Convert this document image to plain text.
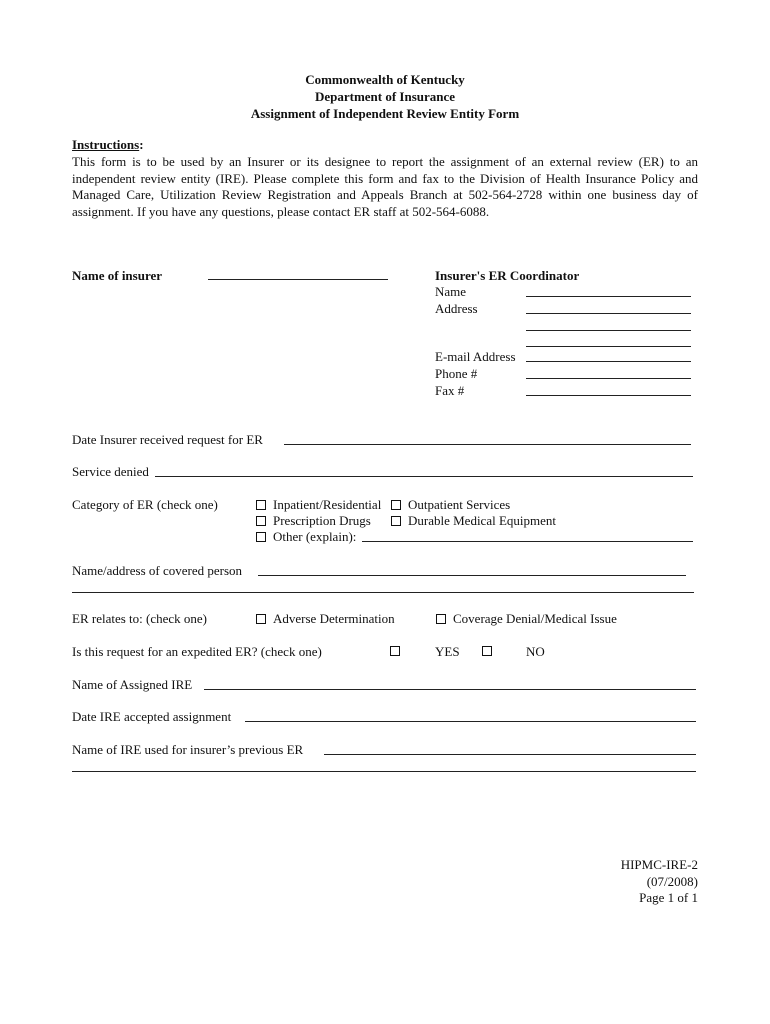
Commonwealth of Kentucky
Department of Insurance
Assignment of Independent Review Entity Form
Instructions:
This form is to be used by an Insurer or its designee to report the assignment of an external review (ER) to an independent review entity (IRE). Please complete this form and fax to the Division of Health Insurance Policy and Managed Care, Utilization Review Registration and Appeals Branch at 502-564-2728 within one business day of assignment. If you have any questions, please contact ER staff at 502-564-6088.
Name of insurer	Insurer's ER Coordinator
Name
Address
E-mail Address
Phone #
Fax #
Date Insurer received request for ER
Service denied
Category of ER (check one)	Inpatient/Residential Outpatient Services
Prescription Drugs	Durable Medical Equipment
Other (explain):
Name/address of covered person
ER relates to: (check one)	Adverse Determination	Coverage Denial/Medical Issue
Is this request for an expedited ER? (check one)	YES	NO
Name of Assigned IRE
Date IRE accepted assignment
Name of IRE used for insurer’s previous ER
HIPMC-IRE-2
(07/2008)
Page 1 of 1
